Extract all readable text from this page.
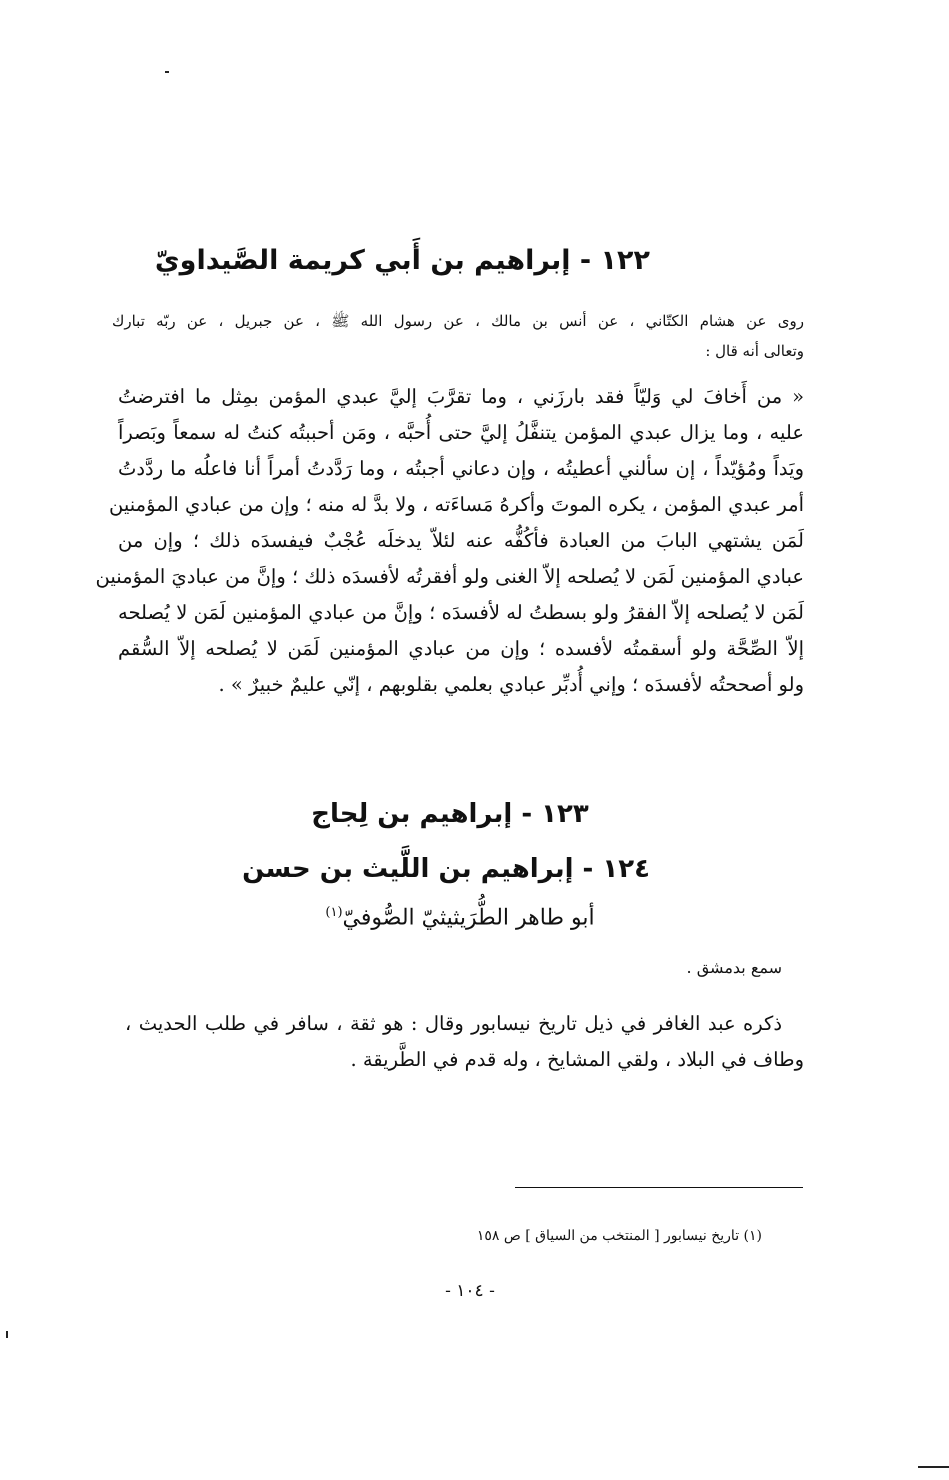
١٢٢ - إبراهيم بن أَبي كريمة الصَّيداويّ
روى عن هشام الكتّاني ، عن أنس بن مالك ، عن رسول الله ﷺ ، عن جبريل ، عن ربّه تبارك
وتعالى أنه قال :
« من أَخافَ لي وَليّاً فقد بارزَني ، وما تقرَّبَ إليَّ عبدي المؤمن بمِثل ما افترضتُ
عليه ، وما يزال عبدي المؤمن يتنفَّلُ إليَّ حتى أُحبَّه ، ومَن أحببتُه كنتُ له سمعاً وبَصراً
ويَداً ومُؤيّداً ، إن سألني أعطيتُه ، وإن دعاني أجبتُه ، وما رَدَّدتُ أمراً أنا فاعلُه ما ردَّدتُ
أمر عبدي المؤمن ، يكره الموتَ وأكرهُ مَساءَته ، ولا بدَّ له منه ؛ وإن من عبادي المؤمنين
لَمَن يشتهي البابَ من العبادة فأكُفُّه عنه لئلاّ يدخلَه عُجْبٌ فيفسدَه ذلك ؛ وإن من
عبادي المؤمنين لَمَن لا يُصلحه إلاّ الغنى ولو أفقرتُه لأفسدَه ذلك ؛ وإنَّ من عباديَ المؤمنين
لَمَن لا يُصلحه إلاّ الفقرُ ولو بسطتُ له لأفسدَه ؛ وإنَّ من عبادي المؤمنين لَمَن لا يُصلحه
إلاّ الصِّحَّة ولو أسقمتُه لأفسده ؛ وإن من عبادي المؤمنين لَمَن لا يُصلحه إلاّ السُّقم
ولو أصححتُه لأفسدَه ؛ وإني أُدبِّر عبادي بعلمي بقلوبهم ، إنّي عليمٌ خبيرٌ » .
١٢٣ - إبراهيم بن لِجاج
١٢٤ - إبراهيم بن اللَّيث بن حسن
أبو طاهر الطُّرَيثيثيّ الصُّوفيّ$^{(١)}$
سمع بدمشق .
ذكره عبد الغافر في ذيل تاريخ نيسابور وقال : هو ثقة ، سافر في طلب الحديث ،
وطاف في البلاد ، ولقي المشايخ ، وله قدم في الطَّريقة .
(١) تاريخ نيسابور [ المنتخب من السياق ] ص ١٥٨
- ١٠٤ -
